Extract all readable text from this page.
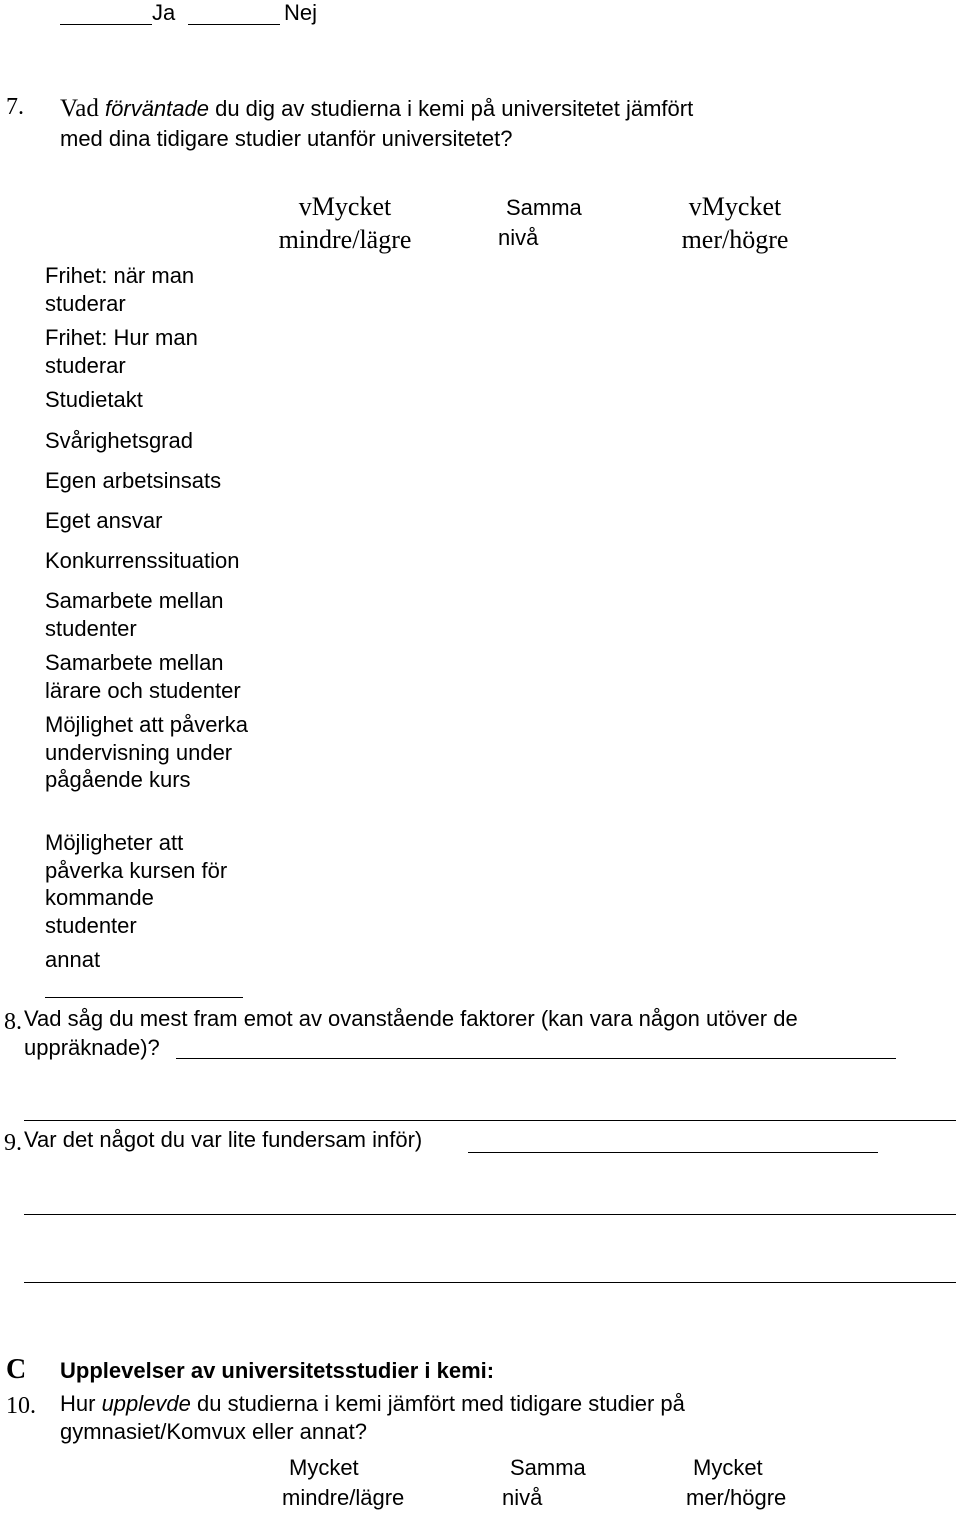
Ja	Nej
7. Vad förväntade du dig av studierna i kemi på universitetet jämfört
med dina tidigare studier utanför universitetet?
vMycket
mindre/lägre
Samma
nivå
vMycket
mer/högre
Frihet: när man studerar
Frihet: Hur man studerar
Studietakt
Svårighetsgrad
Egen arbetsinsats
Eget ansvar
Konkurrenssituation
Samarbete mellan studenter
Samarbete mellan lärare och studenter
Möjlighet att påverka undervisning under pågående kurs
Möjligheter att påverka kursen för kommande studenter
annat
8. Vad såg du mest fram emot av ovanstående faktorer (kan vara någon utöver de
uppräknade)?
9. Var det något du var lite fundersam inför)
C Upplevelser av universitetsstudier i kemi:
10. Hur upplevde du studierna i kemi jämfört med tidigare studier på
gymnasiet/Komvux eller annat?
Mycket
mindre/lägre
Samma
nivå
Mycket
mer/högre
